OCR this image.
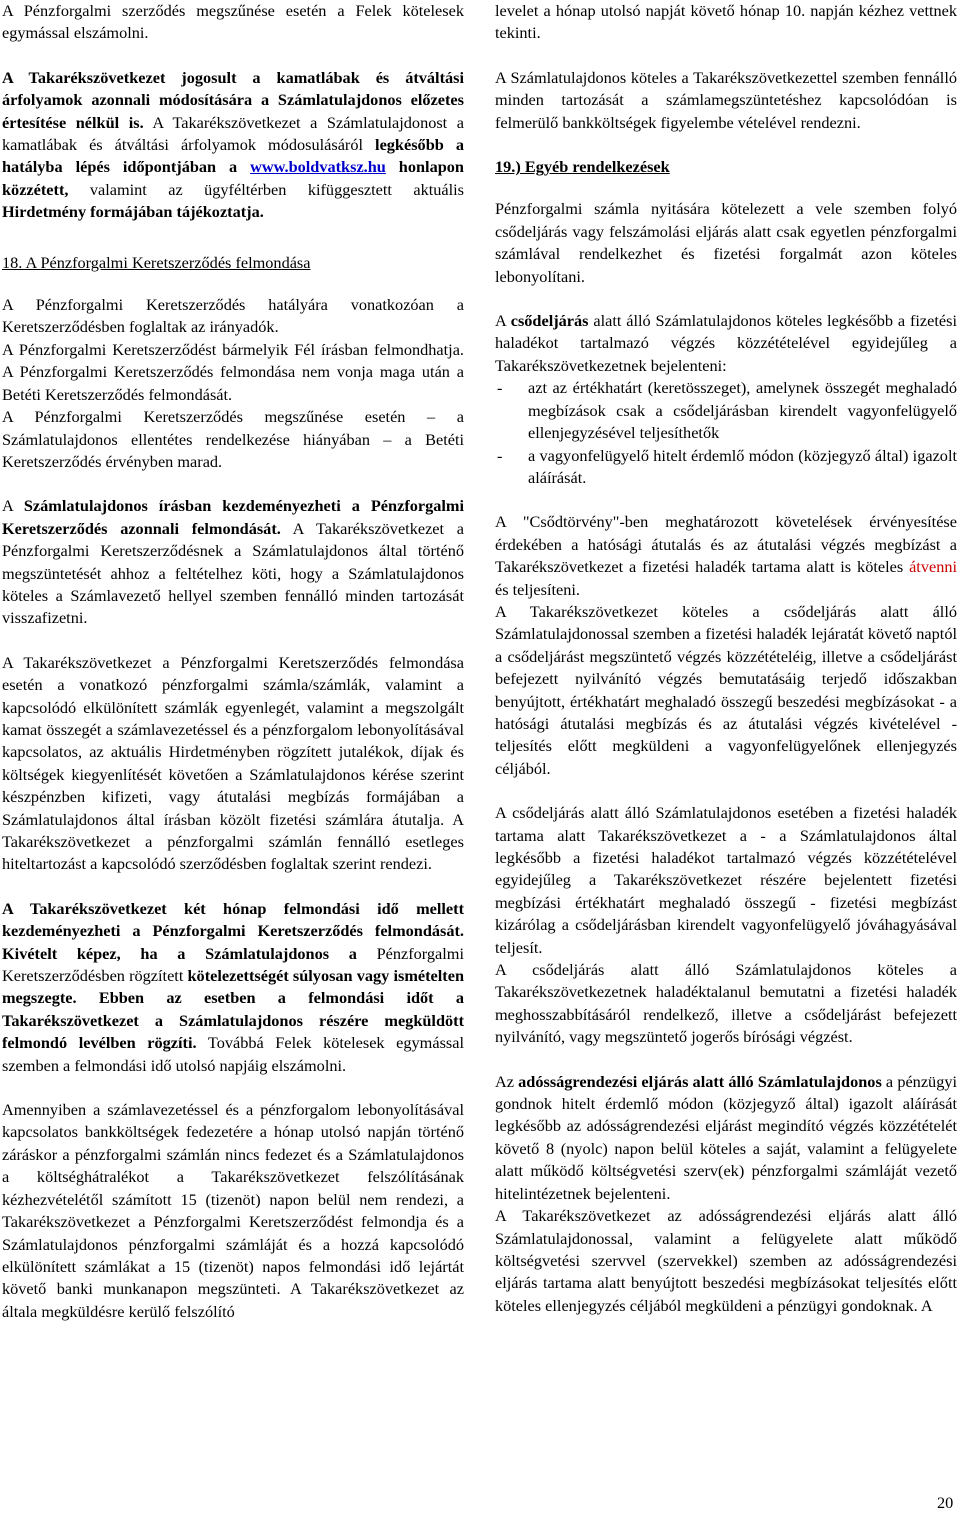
A Pénzforgalmi szerződés megszűnése esetén a Felek kötelesek egymással elszámolni.

A Takarékszövetkezet jogosult a kamatlábak és átváltási árfolyamok azonnali módosítására a Számlatulajdonos előzetes értesítése nélkül is. A Takarékszövetkezet a Számlatulajdonost a kamatlábak és átváltási árfolyamok módosulásáról legkésőbb a hatályba lépés időpontjában a www.boldvatksz.hu honlapon közzétett, valamint az ügyféltérben kifüggesztett aktuális Hirdetmény formájában tájékoztatja.

18. A Pénzforgalmi Keretszerződés felmondása

A Pénzforgalmi Keretszerződés hatályára vonatkozóan a Keretszerződésben foglaltak az irányadók.

A Pénzforgalmi Keretszerződést bármelyik Fél írásban felmondhatja. A Pénzforgalmi Keretszerződés felmondása nem vonja maga után a Betéti Keretszerződés felmondását.

A Pénzforgalmi Keretszerződés megszűnése esetén – a Számlatulajdonos ellentétes rendelkezése hiányában – a Betéti Keretszerződés érvényben marad.

A Számlatulajdonos írásban kezdeményezheti a Pénzforgalmi Keretszerződés azonnali felmondását. A Takarékszövetkezet a Pénzforgalmi Keretszerződésnek a Számlatulajdonos által történő megszüntetését ahhoz a feltételhez köti, hogy a Számlatulajdonos köteles a Számlavezető hellyel szemben fennálló minden tartozását visszafizetni.

A Takarékszövetkezet a Pénzforgalmi Keretszerződés felmondása esetén a vonatkozó pénzforgalmi számla/számlák, valamint a kapcsolódó elkülönített számlák egyenlegét, valamint a megszolgált kamat összegét a számlavezetéssel és a pénzforgalom lebonyolításával kapcsolatos, az aktuális Hirdetményben rögzített jutalékok, díjak és költségek kiegyenlítését követően a Számlatulajdonos kérése szerint készpénzben kifizeti, vagy átutalási megbízás formájában a Számlatulajdonos által írásban közölt fizetési számlára átutalja. A Takarékszövetkezet a pénzforgalmi számlán fennálló esetleges hiteltartozást a kapcsolódó szerződésben foglaltak szerint rendezi.

A Takarékszövetkezet két hónap felmondási idő mellett kezdeményezheti a Pénzforgalmi Keretszerződés felmondását. Kivételt képez, ha a Számlatulajdonos a Pénzforgalmi Keretszerződésben rögzített kötelezettségét súlyosan vagy ismételten megszegte. Ebben az esetben a felmondási időt a Takarékszövetkezet a Számlatulajdonos részére megküldött felmondó levélben rögzíti. Továbbá Felek kötelesek egymással szemben a felmondási idő utolsó napjáig elszámolni.

Amennyiben a számlavezetéssel és a pénzforgalom lebonyolításával kapcsolatos bankköltségek fedezetére a hónap utolsó napján történő záráskor a pénzforgalmi számlán nincs fedezet és a Számlatulajdonos a költséghátralékot a Takarékszövetkezet felszólításának kézhezvételétől számított 15 (tizenöt) napon belül nem rendezi, a Takarékszövetkezet a Pénzforgalmi Keretszerződést felmondja és a Számlatulajdonos pénzforgalmi számláját és a hozzá kapcsolódó elkülönített számlákat a 15 (tizenöt) napos felmondási idő lejártát követő banki munkanapon megszünteti. A Takarékszövetkezet az általa megküldésre kerülő felszólító

levelet a hónap utolsó napját követő hónap 10. napján kézhez vettnek tekinti.

A Számlatulajdonos köteles a Takarékszövetkezettel szemben fennálló minden tartozását a számlamegszüntetéshez kapcsolódóan is felmerülő bankköltségek figyelembe vételével rendezni.

19.) Egyéb rendelkezések

Pénzforgalmi számla nyitására kötelezett a vele szemben folyó csődeljárás vagy felszámolási eljárás alatt csak egyetlen pénzforgalmi számlával rendelkezhet és fizetési forgalmát azon köteles lebonyolítani.

A csődeljárás alatt álló Számlatulajdonos köteles legkésőbb a fizetési haladékot tartalmazó végzés közzétételével egyidejűleg a Takarékszövetkezetnek bejelenteni:

- azt az értékhatárt (keretösszeget), amelynek összegét meghaladó megbízások csak a csődeljárásban kirendelt vagyonfelügyelő ellenjegyzésével teljesíthetők
- a vagyonfelügyelő hitelt érdemlő módon (közjegyző által) igazolt aláírását.

A "Csődtörvény"-ben meghatározott követelések érvényesítése érdekében a hatósági átutalás és az átutalási végzés megbízást a Takarékszövetkezet a fizetési haladék tartama alatt is köteles átvenni és teljesíteni.

A Takarékszövetkezet köteles a csődeljárás alatt álló Számlatulajdonossal szemben a fizetési haladék lejáratát követő naptól a csődeljárást megszüntető végzés közzétételéig, illetve a csődeljárást befejezett nyilvánító végzés bemutatásáig terjedő időszakban benyújtott, értékhatárt meghaladó összegű beszedési megbízásokat - a hatósági átutalási megbízás és az átutalási végzés kivételével - teljesítés előtt megküldeni a vagyonfelügyelőnek ellenjegyzés céljából.

A csődeljárás alatt álló Számlatulajdonos esetében a fizetési haladék tartama alatt Takarékszövetkezet a - a Számlatulajdonos által legkésőbb a fizetési haladékot tartalmazó végzés közzétételével egyidejűleg a Takarékszövetkezet részére bejelentett fizetési megbízási értékhatárt meghaladó összegű - fizetési megbízást kizárólag a csődeljárásban kirendelt vagyonfelügyelő jóváhagyásával teljesít.

A csődeljárás alatt álló Számlatulajdonos köteles a Takarékszövetkezetnek haladéktalanul bemutatni a fizetési haladék meghosszabbításáról rendelkező, illetve a csődeljárást befejezett nyilvánító, vagy megszüntető jogerős bírósági végzést.

Az adósságrendezési eljárás alatt álló Számlatulajdonos a pénzügyi gondnok hitelt érdemlő módon (közjegyző által) igazolt aláírását legkésőbb az adósságrendezési eljárást megindító végzés közzétételét követő 8 (nyolc) napon belül köteles a saját, valamint a felügyelete alatt működő költségvetési szerv(ek) pénzforgalmi számláját vezető hitelintézetnek bejelenteni.

A Takarékszövetkezet az adósságrendezési eljárás alatt álló Számlatulajdonossal, valamint a felügyelete alatt működő költségvetési szervvel (szervekkel) szemben az adósságrendezési eljárás tartama alatt benyújtott beszedési megbízásokat teljesítés előtt köteles ellenjegyzés céljából megküldeni a pénzügyi gondoknak. A

20
